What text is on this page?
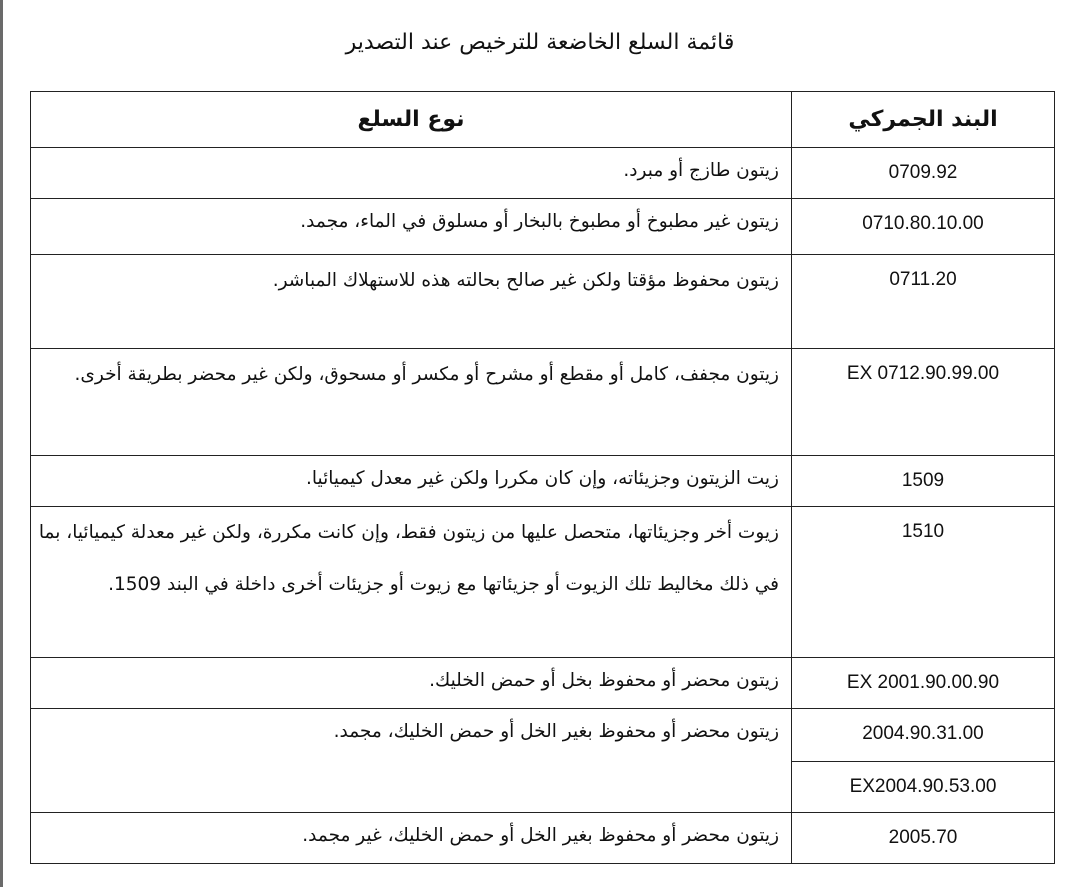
قائمة السلع الخاضعة للترخيص عند التصدير
البند الجمركي	نوع السلع

0709.92	زيتون طازج أو مبرد.

0710.80.10.00	زيتون غير مطبوخ أو مطبوخ بالبخار أو مسلوق في الماء، مجمد.

0711.20	زيتون محفوظ مؤقتا ولكن غير صالح بحالته هذه للاستهلاك المباشر.

EX 0712.90.99.00	زيتون مجفف، كامل أو مقطع أو مشرح أو مكسر أو مسحوق، ولكن غير محضر بطريقة أخرى.

1509	زيت الزيتون وجزيئاته، وإن كان مكررا ولكن غير معدل كيميائيا.

1510	زيوت أخر وجزيئاتها، متحصل عليها من زيتون فقط، وإن كانت مكررة، ولكن غير معدلة كيميائيا، بما في ذلك مخاليط تلك الزيوت أو جزيئاتها مع زيوت أو جزيئات أخرى داخلة في البند 1509.

EX 2001.90.00.90	زيتون محضر أو محفوظ بخل أو حمض الخليك.

2004.90.31.00	زيتون محضر أو محفوظ بغير الخل أو حمض الخليك، مجمد.

EX2004.90.53.00	

2005.70	زيتون محضر أو محفوظ بغير الخل أو حمض الخليك، غير مجمد.
